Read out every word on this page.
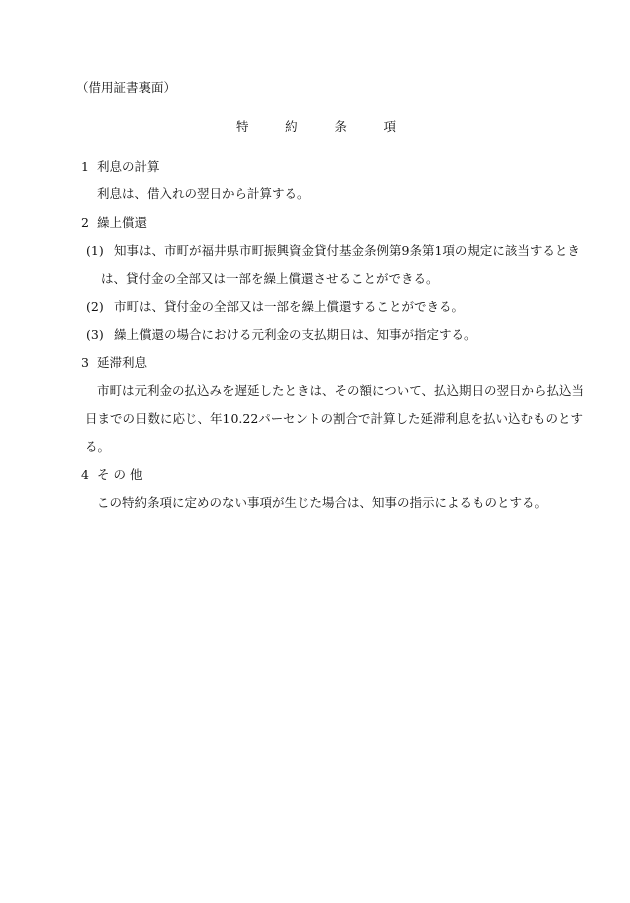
（借用証書裏面）
特	約	条	項
1 利息の計算
利息は、借入れの翌日から計算する。
2 繰上償還
(1) 知事は、市町が福井県市町振興資金貸付基金条例第9条第1項の規定に該当するとき
は、貸付金の全部又は一部を繰上償還させることができる。
(2) 市町は、貸付金の全部又は一部を繰上償還することができる。
(3) 繰上償還の場合における元利金の支払期日は、知事が指定する。
3 延滞利息
市町は元利金の払込みを遅延したときは、その額について、払込期日の翌日から払込当
日までの日数に応じ、年10.22パーセントの割合で計算した延滞利息を払い込むものとす
る。
4 そ の 他
この特約条項に定めのない事項が生じた場合は、知事の指示によるものとする。
